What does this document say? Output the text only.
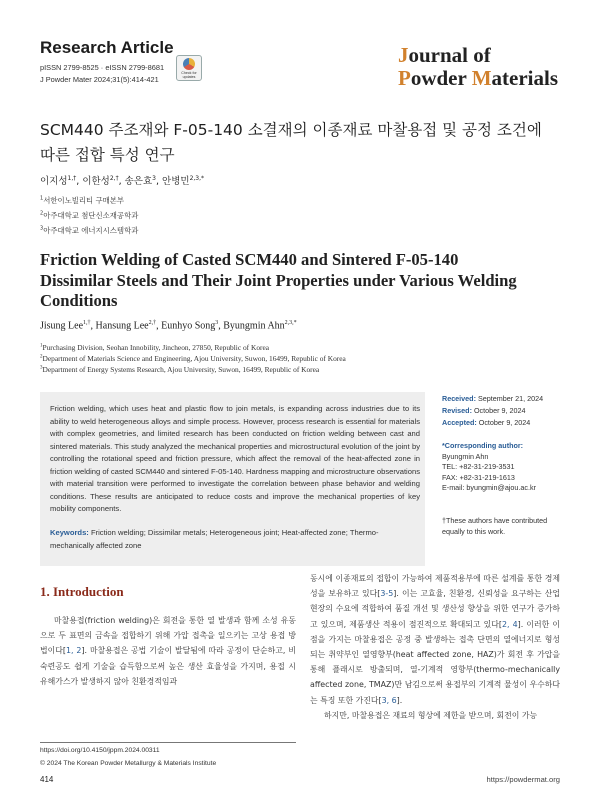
Research Article
pISSN 2799-8525 · eISSN 2799-8681
J Powder Mater 2024;31(5):414-421
Check for updates
Journal of
Powder Materials
SCM440 주조재와 F-05-140 소결재의 이종재료 마찰용접 및 공정 조건에
따른 접합 특성 연구
이지성$^{1,\dagger}$, 이한성$^{2,\dagger}$, 송은효$^3$, 안병민$^{2,3,*}$
$^1$서한이노빌리티 구매본부
$^2$아주대학교 첨단신소재공학과
$^3$아주대학교 에너지시스템학과
Friction Welding of Casted SCM440 and Sintered F-05-140
Dissimilar Steels and Their Joint Properties under Various Welding
Conditions
Jisung Lee$^{1,\dagger}$, Hansung Lee$^{2,\dagger}$, Eunhyo Song$^3$, Byungmin Ahn$^{2,3,*}$
$^1$Purchasing Division, Seohan Innobility, Jincheon, 27850, Republic of Korea
$^2$Department of Materials Science and Engineering, Ajou University, Suwon, 16499, Republic of Korea
$^3$Department of Energy Systems Research, Ajou University, Suwon, 16499, Republic of Korea
Friction welding, which uses heat and plastic flow to join metals, is expanding across industries due to its ability to weld heterogeneous alloys and simple process. However, process research is essential for materials with complex geometries, and limited research has been conducted on friction welding between cast and sintered materials. This study analyzed the mechanical properties and microstructural evolution of the joint by controlling the rotational speed and friction pressure, which affect the removal of the heat-affected zone in friction welding of casted SCM440 and sintered F-05-140. Hardness mapping and microstructure observations with material transition were performed to investigate the correlation between phase behavior and welding conditions. These results are anticipated to reduce costs and improve the mechanical properties of key mobility components.
Keywords: Friction welding; Dissimilar metals; Heterogeneous joint; Heat-affected zone; Thermo-mechanically affected zone
Received: September 21, 2024
Revised: October 9, 2024
Accepted: October 9, 2024
*Corresponding author:
Byungmin Ahn
TEL: +82-31-219-3531
FAX: +82-31-219-1613
E-mail: byungmin@ajou.ac.kr
†These authors have contributed
equally to this work.
1. Introduction
마찰용접(friction welding)은 회전을 통한 열 발생과 함께 소성 유동으로 두 표면의 금속을 접합하기 위해 가압 접촉을 일으키는 고상 용접 방법이다[1, 2]. 마찰용접은 공법 기술이 발달됨에 따라 공정이 단순하고, 비숙련공도 쉽게 기술을 습득함으로써 높은 생산 효율성을 가지며, 용접 시 유해가스가 발생하지 않아 친환경적임과
동시에 이종재료의 접합이 가능하여 제품적용부에 따른 설계를 통한 경제성을 보유하고 있다[3-5]. 이는 고효율, 친환경, 신뢰성을 요구하는 산업현장의 수요에 적합하여 품질 개선 및 생산성 향상을 위한 연구가 증가하고 있으며, 제품생산 적용이 점진적으로 확대되고 있다[2, 4]. 이러한 이점을 가지는 마찰용접은 공정 중 발생하는 접촉 단면의 열에너지로 형성되는 취약부인 열영향부(heat affected zone, HAZ)가 회전 후 가압을 통해 플래시로 방출되며, 열-기계적 영향부(thermo-mechanically affected zone, TMAZ)만 남김으로써 용접부의 기계적 물성이 우수하다는 특징 또한 가진다[3, 6].
하지만, 마찰용접은 재료의 형상에 제한을 받으며, 회전이 가능
https://doi.org/10.4150/jppm.2024.00311
© 2024 The Korean Powder Metallurgy & Materials Institute
414	https://powdermat.org
